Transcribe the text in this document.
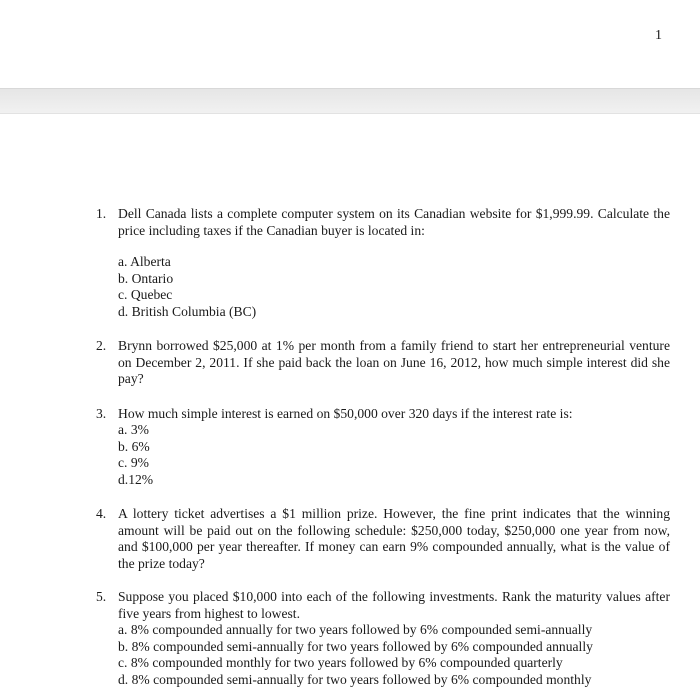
1
1. Dell Canada lists a complete computer system on its Canadian website for $1,999.99. Calculate the price including taxes if the Canadian buyer is located in:
a. Alberta
b. Ontario
c. Quebec
d. British Columbia (BC)
2. Brynn borrowed $25,000 at 1% per month from a family friend to start her entrepreneurial venture on December 2, 2011. If she paid back the loan on June 16, 2012, how much simple interest did she pay?
3. How much simple interest is earned on $50,000 over 320 days if the interest rate is:
a. 3%
b. 6%
c. 9%
d.12%
4. A lottery ticket advertises a $1 million prize. However, the fine print indicates that the winning amount will be paid out on the following schedule: $250,000 today, $250,000 one year from now, and $100,000 per year thereafter. If money can earn 9% compounded annually, what is the value of the prize today?
5. Suppose you placed $10,000 into each of the following investments. Rank the maturity values after five years from highest to lowest.
a. 8% compounded annually for two years followed by 6% compounded semi-annually
b. 8% compounded semi-annually for two years followed by 6% compounded annually
c. 8% compounded monthly for two years followed by 6% compounded quarterly
d. 8% compounded semi-annually for two years followed by 6% compounded monthly
